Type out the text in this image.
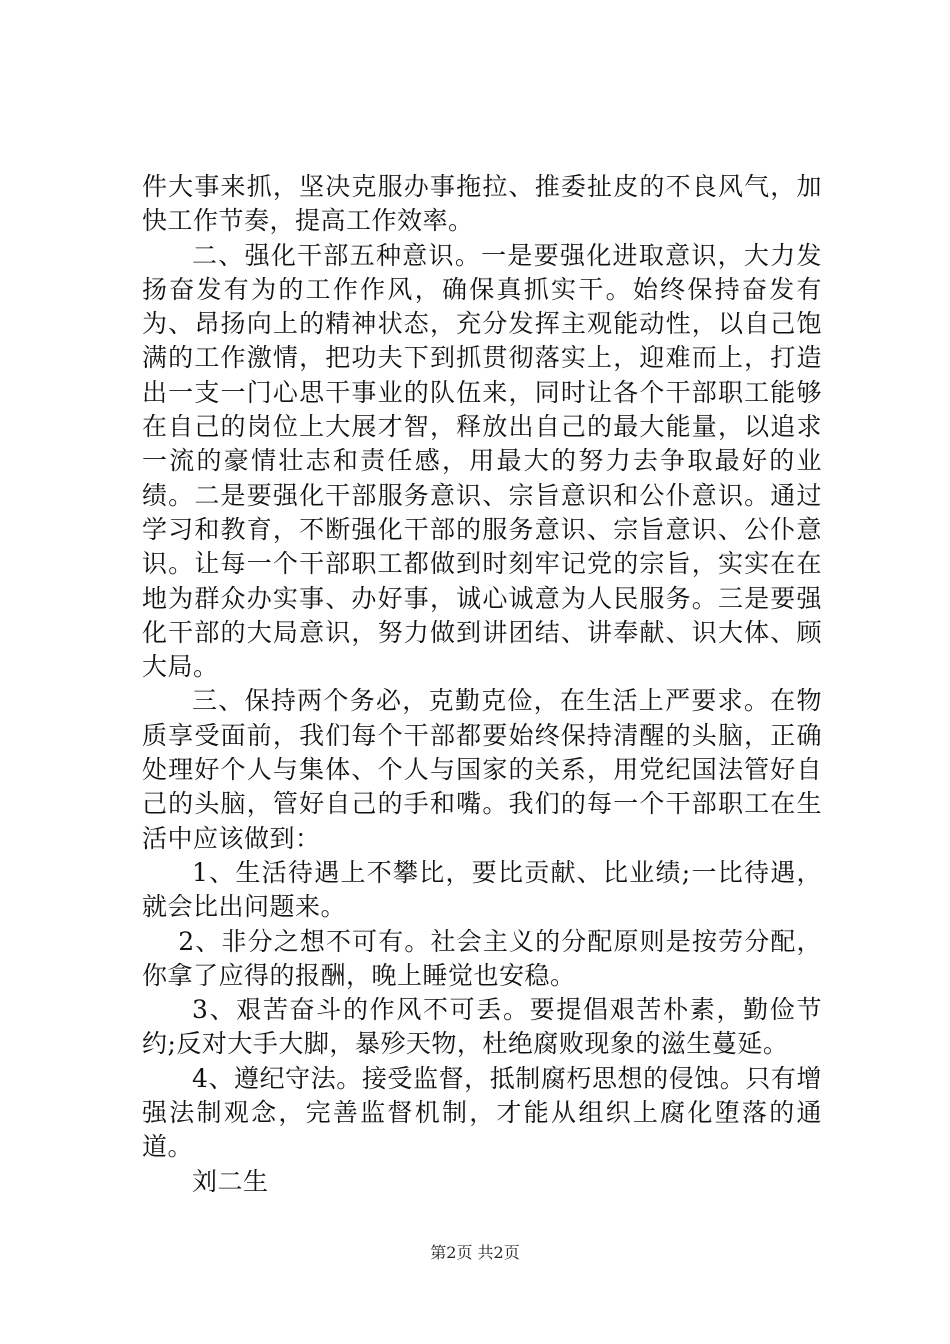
件大事来抓，坚决克服办事拖拉、推委扯皮的不良风气，加快工作节奏，提高工作效率。

二、强化干部五种意识。一是要强化进取意识，大力发扬奋发有为的工作作风，确保真抓实干。始终保持奋发有为、昂扬向上的精神状态，充分发挥主观能动性，以自己饱满的工作激情，把功夫下到抓贯彻落实上，迎难而上，打造出一支一门心思干事业的队伍来，同时让各个干部职工能够在自己的岗位上大展才智，释放出自己的最大能量，以追求一流的豪情壮志和责任感，用最大的努力去争取最好的业绩。二是要强化干部服务意识、宗旨意识和公仆意识。通过学习和教育，不断强化干部的服务意识、宗旨意识、公仆意识。让每一个干部职工都做到时刻牢记党的宗旨，实实在在地为群众办实事、办好事，诚心诚意为人民服务。三是要强化干部的大局意识，努力做到讲团结、讲奉献、识大体、顾大局。

三、保持两个务必，克勤克俭，在生活上严要求。在物质享受面前，我们每个干部都要始终保持清醒的头脑，正确处理好个人与集体、个人与国家的关系，用党纪国法管好自己的头脑，管好自己的手和嘴。我们的每一个干部职工在生活中应该做到：

1、生活待遇上不攀比，要比贡献、比业绩;一比待遇，就会比出问题来。

2、非分之想不可有。社会主义的分配原则是按劳分配，你拿了应得的报酬，晚上睡觉也安稳。

3、艰苦奋斗的作风不可丢。要提倡艰苦朴素，勤俭节约;反对大手大脚，暴殄天物，杜绝腐败现象的滋生蔓延。

4、遵纪守法。接受监督，抵制腐朽思想的侵蚀。只有增强法制观念，完善监督机制，才能从组织上腐化堕落的通道。

刘二生

第2页 共2页
